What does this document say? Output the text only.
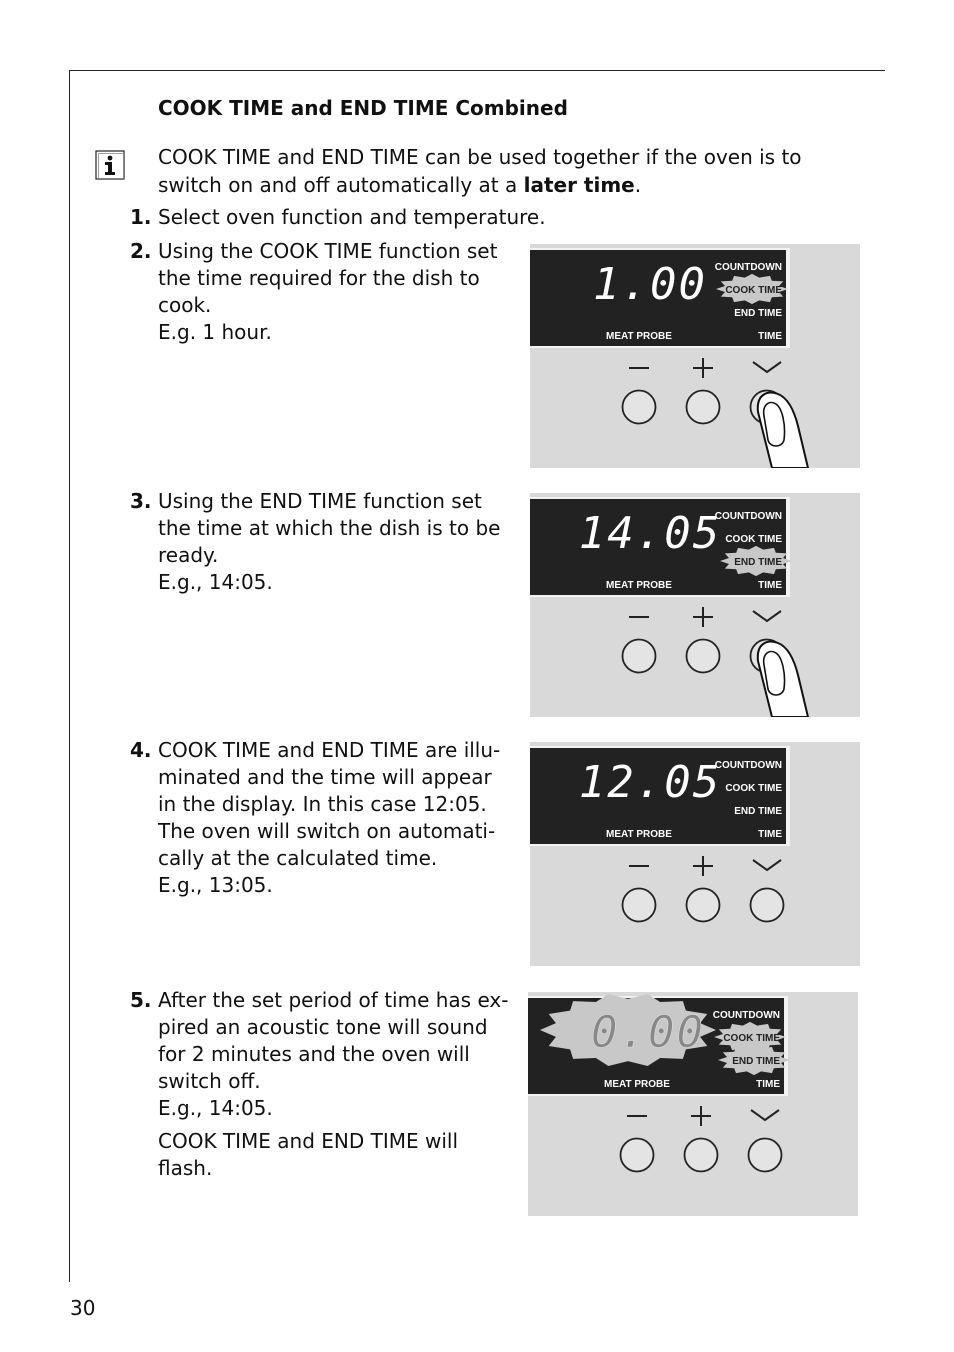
COOK TIME and END TIME Combined
COOK TIME and END TIME can be used together if the oven is to switch on and off automatically at a later time.
1. Select oven function and temperature.
2. Using the COOK TIME function set the time required for the dish to cook.
E.g. 1 hour.
3. Using the END TIME function set the time at which the dish is to be ready.
E.g., 14:05.
4. COOK TIME and END TIME are illu-minated and the time will appear in the display. In this case 12:05.
The oven will switch on automati-cally at the calculated time.
E.g., 13:05.
5. After the set period of time has ex-pired an acoustic tone will sound for 2 minutes and the oven will switch off.
E.g., 14:05.
COOK TIME and END TIME will flash.
1.00 COUNTDOWN
COOK TIME
END TIME
MEAT PROBE	TIME
14.05
COUNTDOWN
COOK TIME
END TIME
MEAT PROBE	TIME
12.05
COUNTDOWN
COOK TIME
END TIME
MEAT PROBE	TIME
0.00 COUNTDOWN
COOK TIME
END TIME
MEAT PROBE	TIME
30
